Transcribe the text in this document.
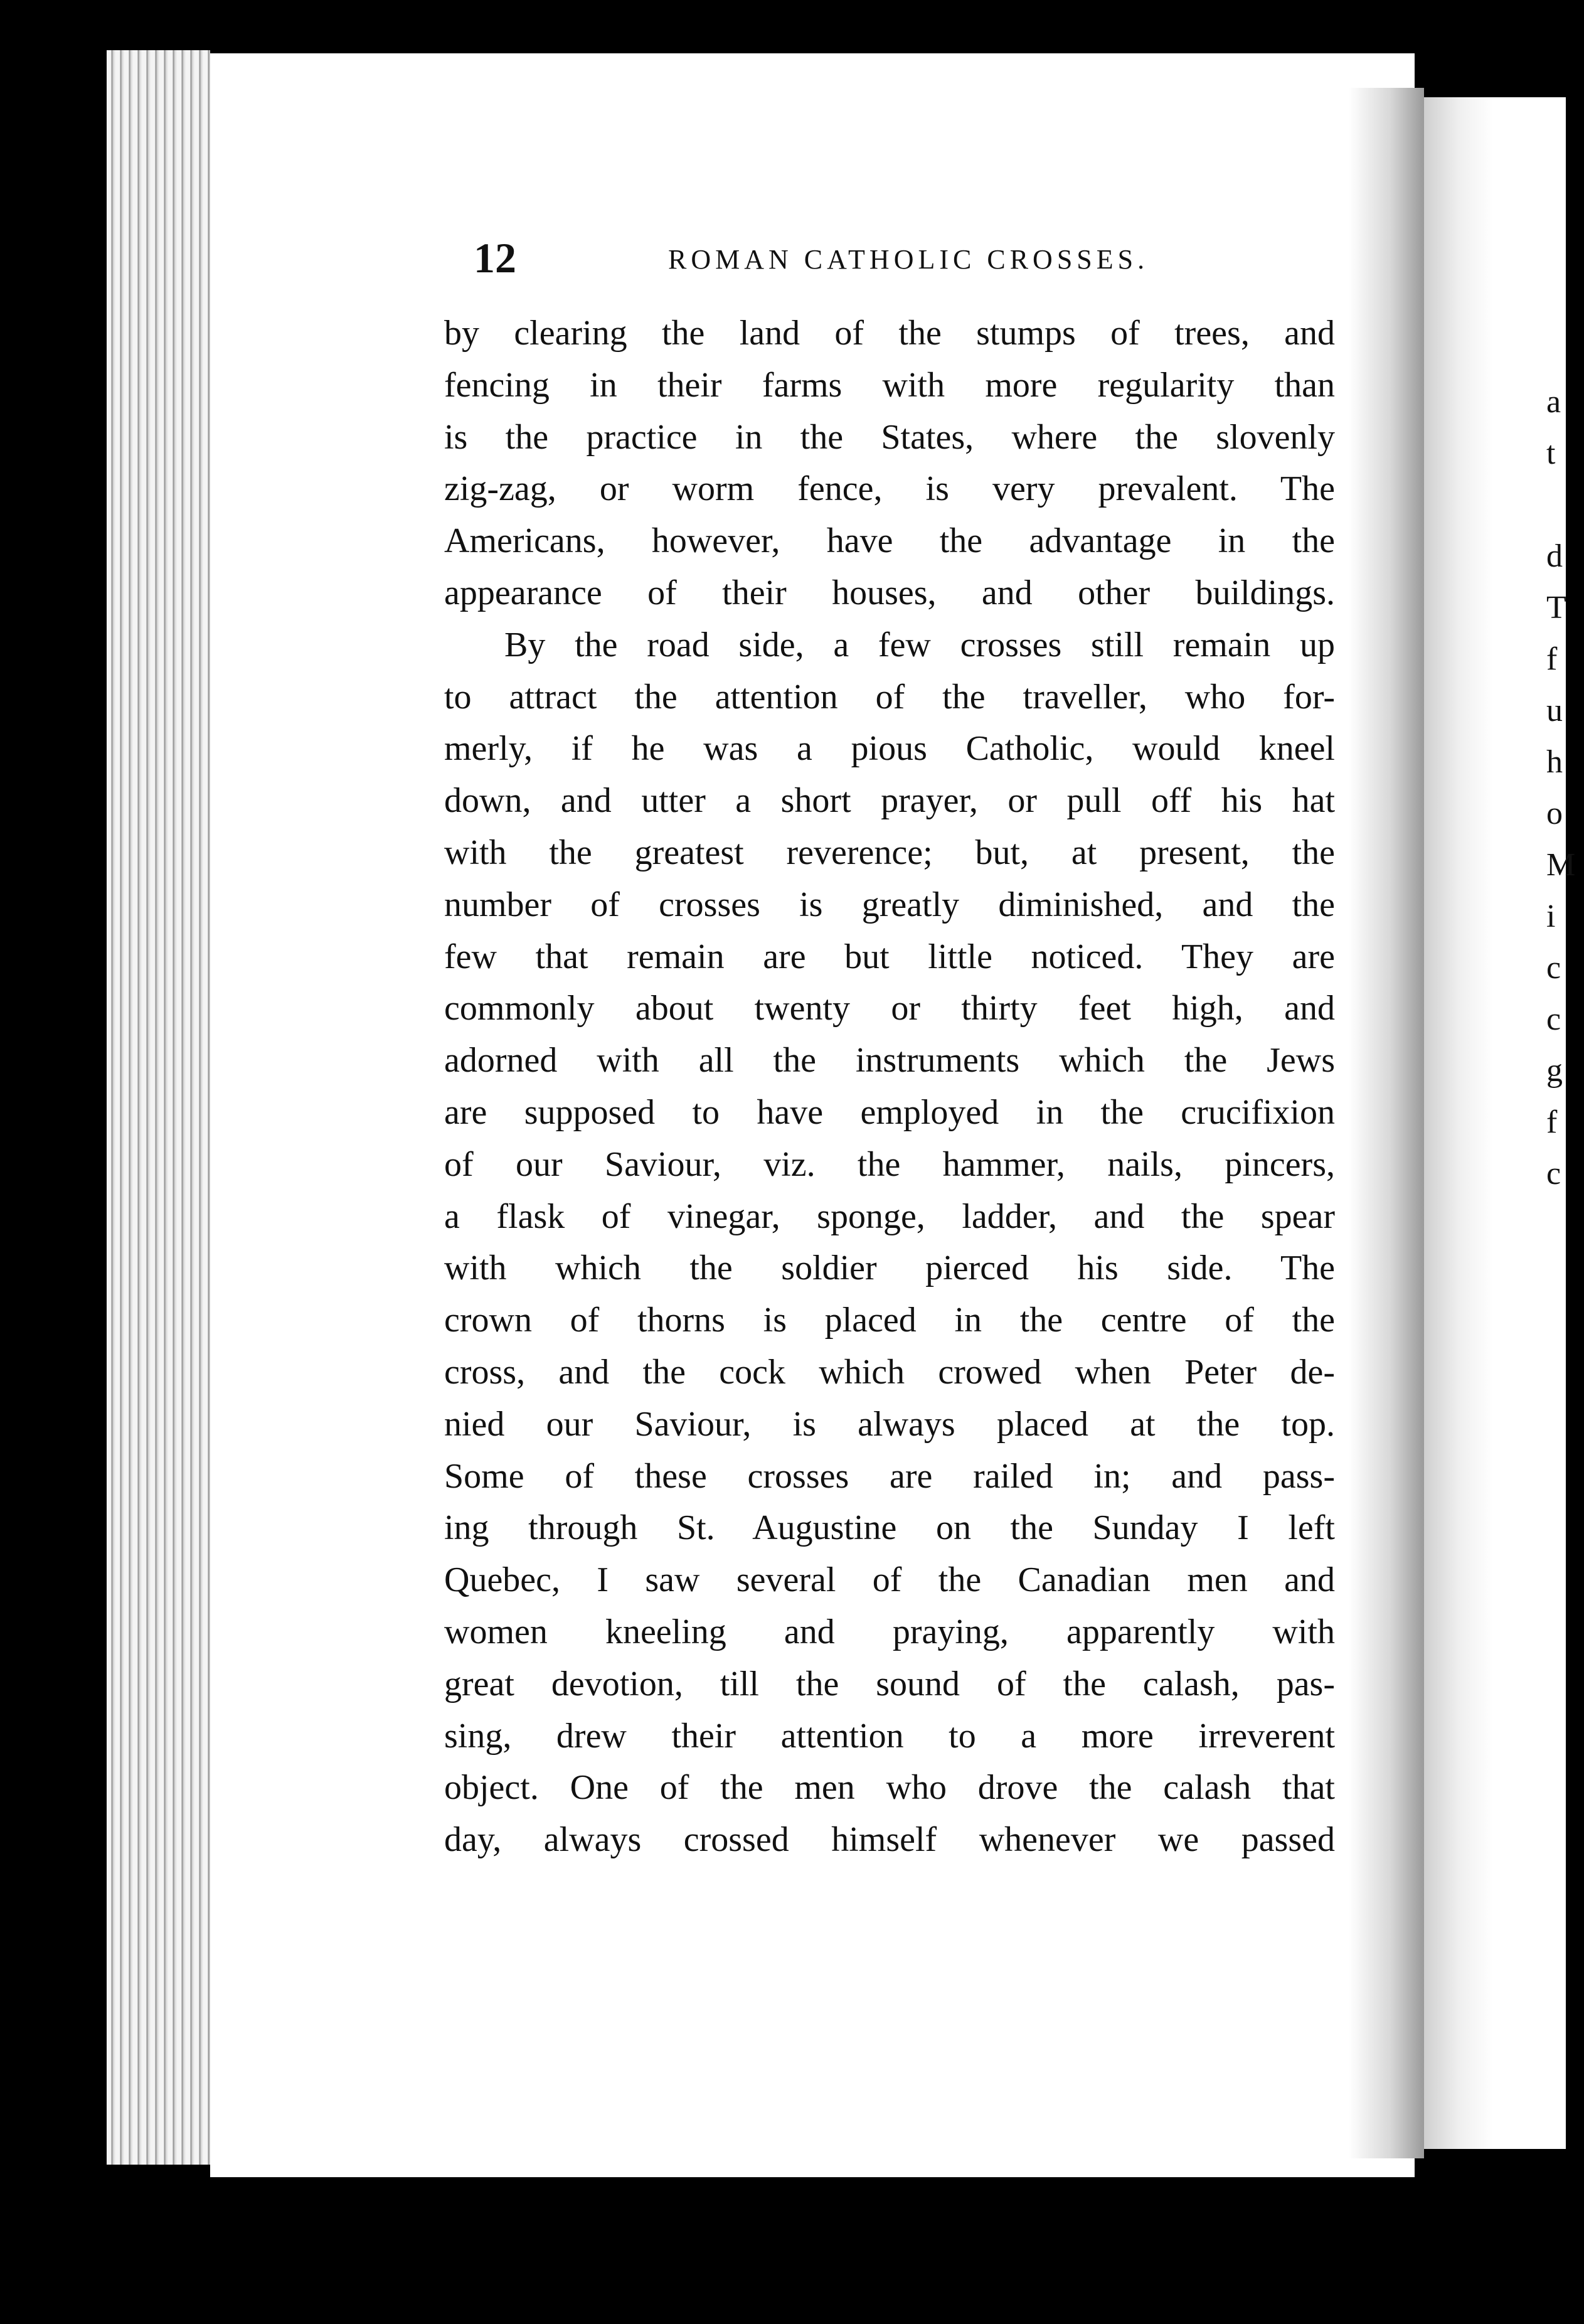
a
t
d
T
f
u
h
o
M
i
c
c
g
f
c
12	ROMAN CATHOLIC CROSSES.
by clearing the land of the stumps of trees, and
fencing in their farms with more regularity than
is the practice in the States, where the slovenly
zig-zag, or worm fence, is very prevalent. The
Americans, however, have the advantage in the
appearance of their houses, and other buildings.
By the road side, a few crosses still remain up
to attract the attention of the traveller, who for-
merly, if he was a pious Catholic, would kneel
down, and utter a short prayer, or pull off his hat
with the greatest reverence; but, at present, the
number of crosses is greatly diminished, and the
few that remain are but little noticed. They are
commonly about twenty or thirty feet high, and
adorned with all the instruments which the Jews
are supposed to have employed in the crucifixion
of our Saviour, viz. the hammer, nails, pincers,
a flask of vinegar, sponge, ladder, and the spear
with which the soldier pierced his side. The
crown of thorns is placed in the centre of the
cross, and the cock which crowed when Peter de-
nied our Saviour, is always placed at the top.
Some of these crosses are railed in; and pass-
ing through St. Augustine on the Sunday I left
Quebec, I saw several of the Canadian men and
women kneeling and praying, apparently with
great devotion, till the sound of the calash, pas-
sing, drew their attention to a more irreverent
object. One of the men who drove the calash that
day, always crossed himself whenever we passed
